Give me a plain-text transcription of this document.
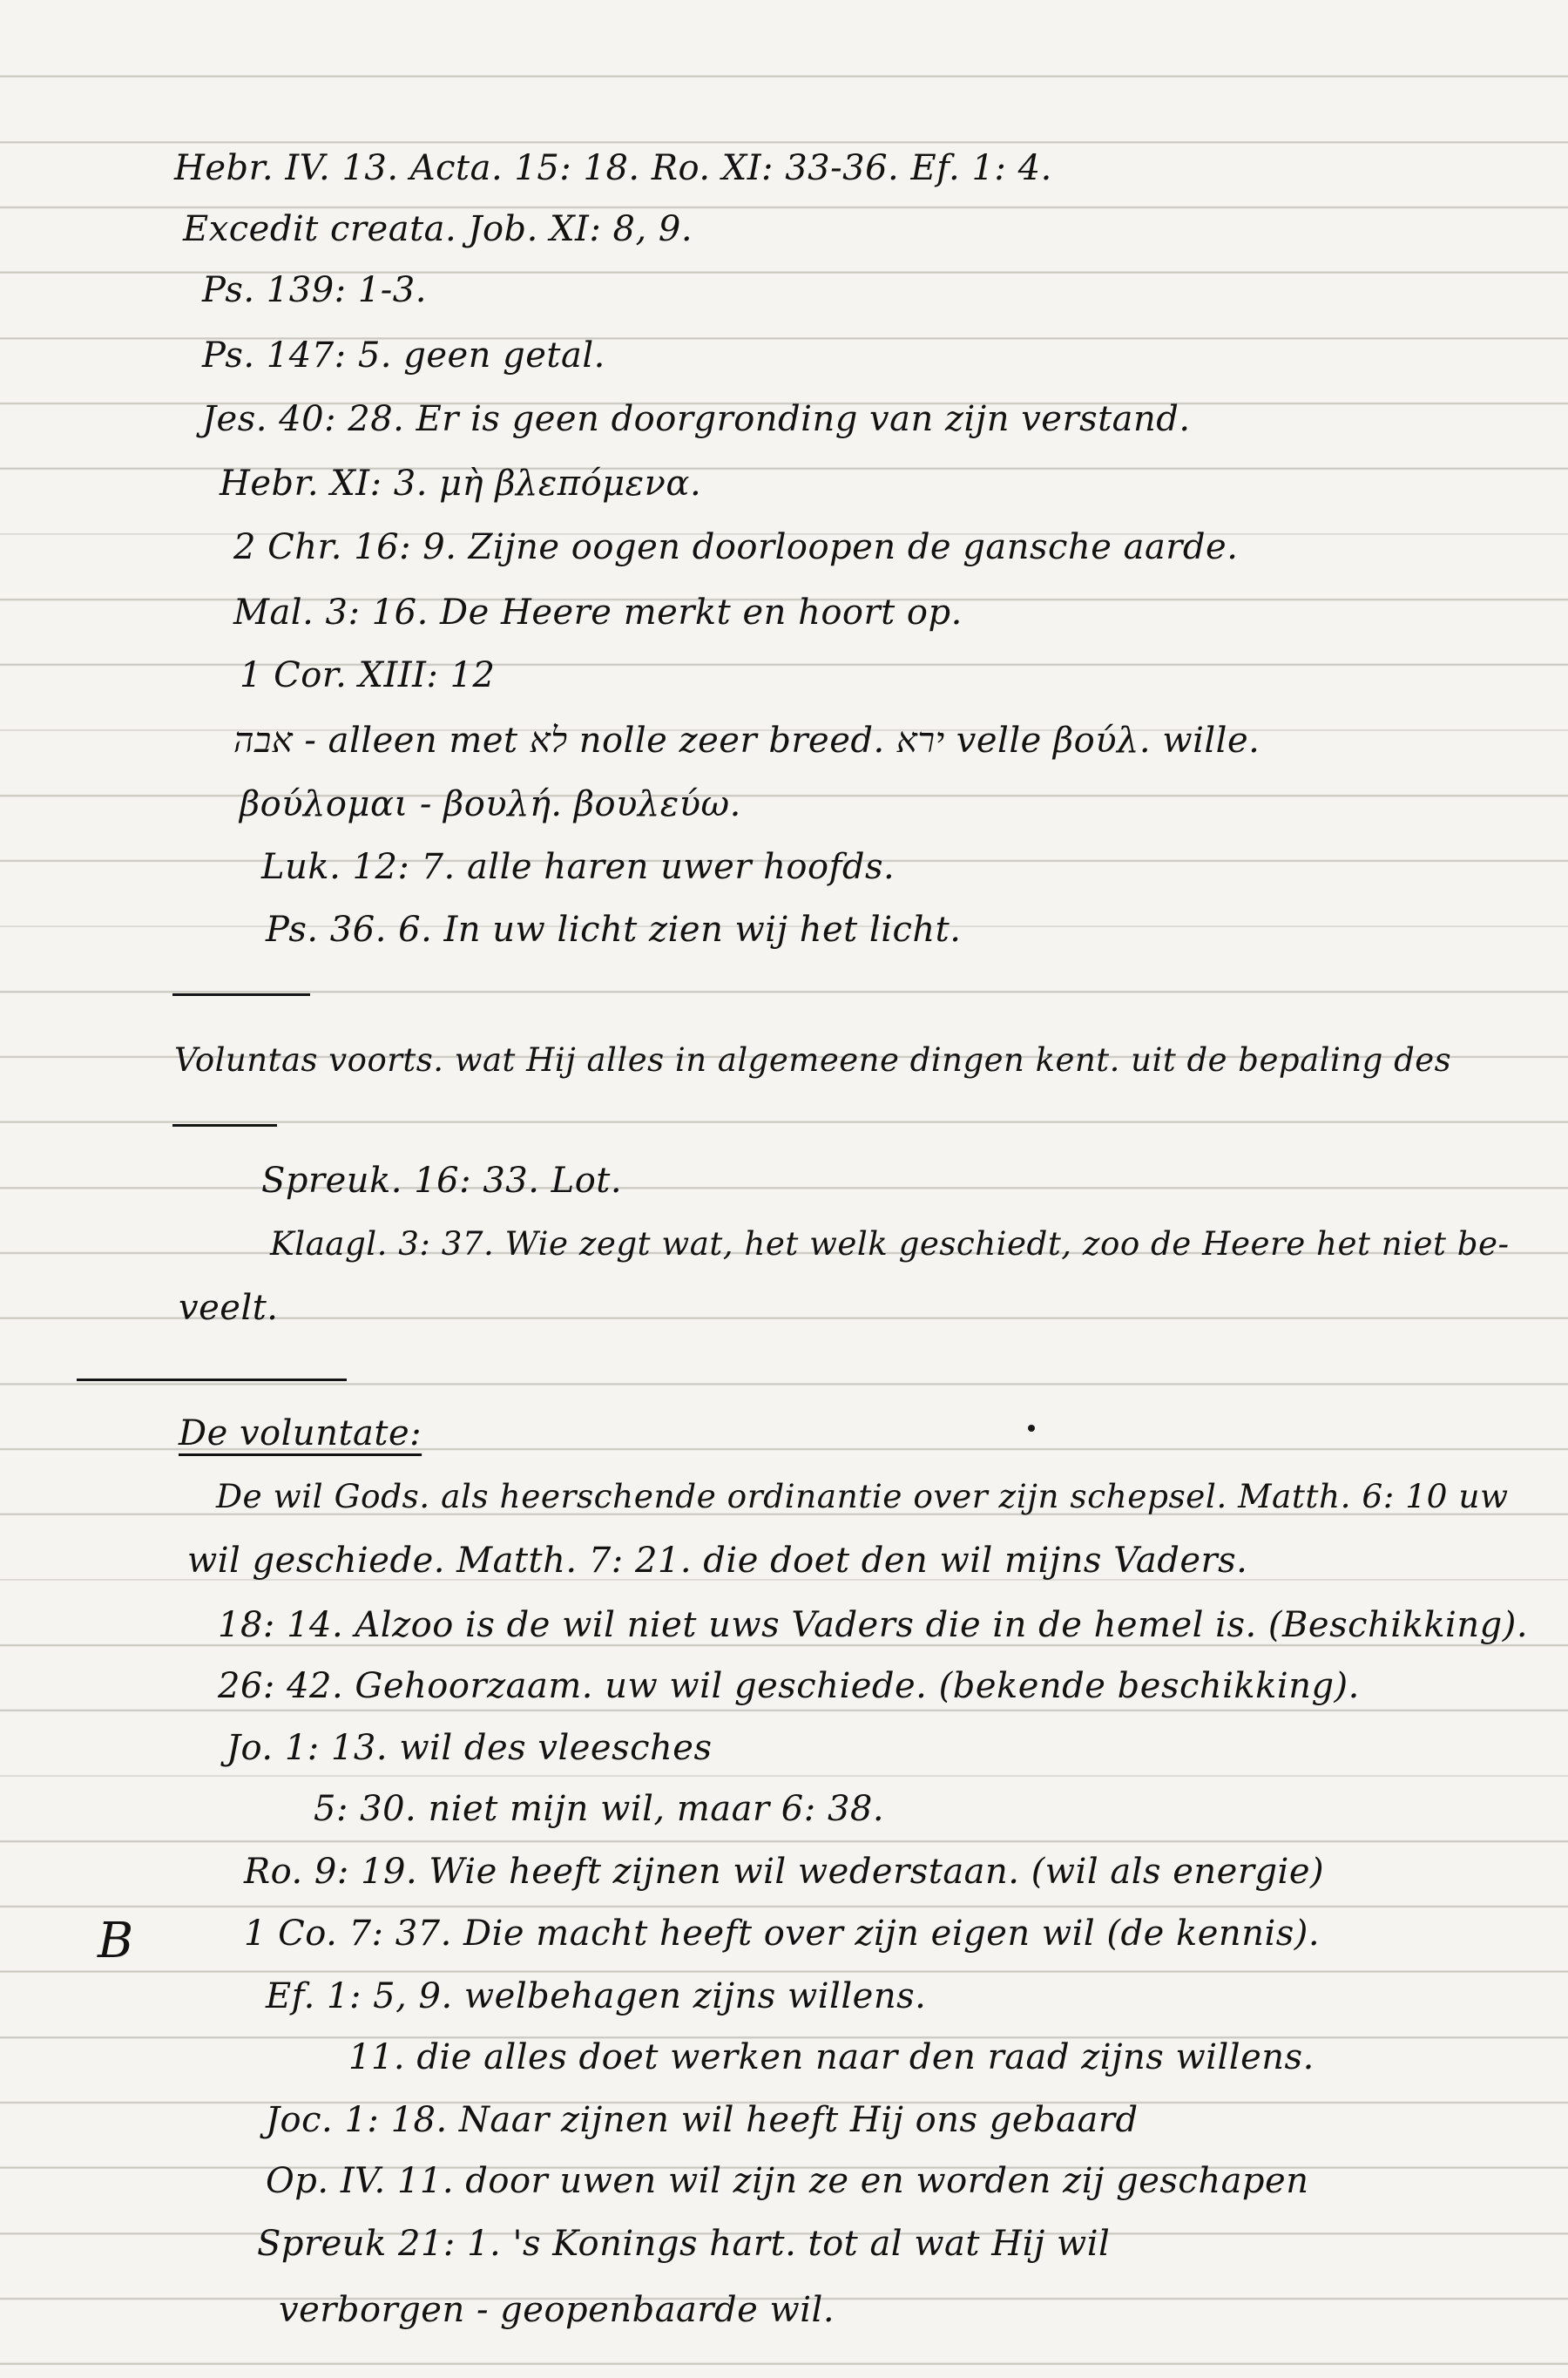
Hebr. IV. 13. Acta. 15: 18. Ro. XI: 33-36. Ef. 1: 4.
Excedit creata. Job. XI: 8, 9.
Ps. 139: 1-3.
Ps. 147: 5. geen getal.
Jes. 40: 28. Er is geen doorgronding van zijn verstand.
Hebr. XI: 3. μὴ βλεπόμενα.
2 Chr. 16: 9. Zijne oogen doorloopen de gansche aarde.
Mal. 3: 16. De Heere merkt en hoort op.
1 Cor. XIII: 12
אבה - alleen met לא nolle zeer breed. ירא velle βούλ. wille.
βούλομαι - βουλή. βουλεύω.
Luk. 12: 7. alle haren uwer hoofds.
Ps. 36. 6. In uw licht zien wij het licht.
Voluntas voorts. wat Hij alles in algemeene dingen kent. uit de bepaling des
Spreuk. 16: 33. Lot.
Klaagl. 3: 37. Wie zegt wat, het welk geschiedt, zoo de Heere het niet be-
veelt.
De voluntate:
De wil Gods. als heerschende ordinantie over zijn schepsel. Matth. 6: 10 uw
wil geschiede. Matth. 7: 21. die doet den wil mijns Vaders.
18: 14. Alzoo is de wil niet uws Vaders die in de hemel is. (Beschikking).
26: 42. Gehoorzaam. uw wil geschiede. (bekende beschikking).
Jo. 1: 13. wil des vleesches
5: 30. niet mijn wil, maar 6: 38.
Ro. 9: 19. Wie heeft zijnen wil wederstaan. (wil als energie)
1 Co. 7: 37. Die macht heeft over zijn eigen wil (de kennis).
Ef. 1: 5, 9. welbehagen zijns willens.
11. die alles doet werken naar den raad zijns willens.
Joc. 1: 18. Naar zijnen wil heeft Hij ons gebaard
Op. IV. 11. door uwen wil zijn ze en worden zij geschapen
Spreuk 21: 1. 's Konings hart. tot al wat Hij wil
verborgen - geopenbaarde wil.
B
